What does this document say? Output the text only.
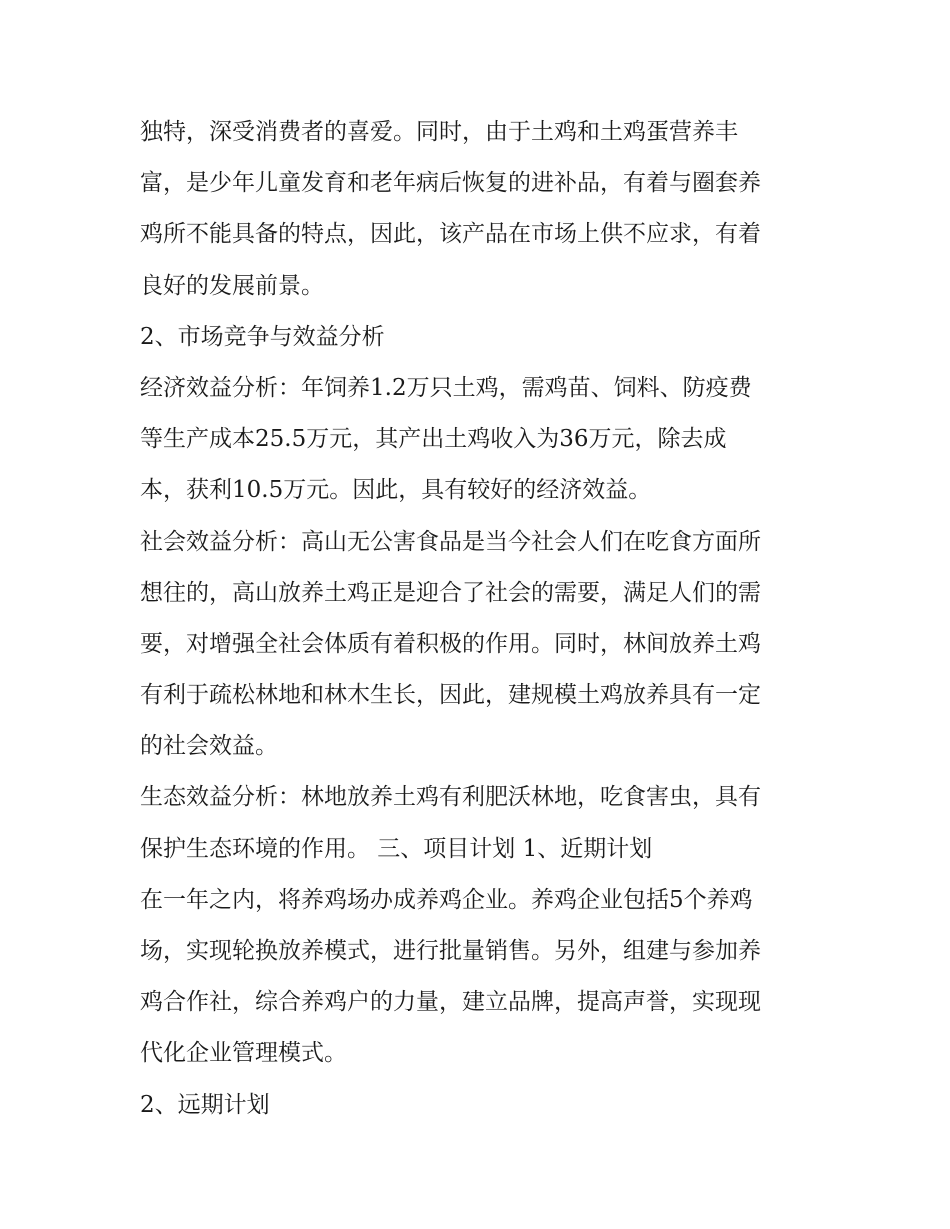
独特，深受消费者的喜爱。同时，由于土鸡和土鸡蛋营养丰
富，是少年儿童发育和老年病后恢复的进补品，有着与圈套养
鸡所不能具备的特点，因此，该产品在市场上供不应求，有着
良好的发展前景。
2、市场竞争与效益分析
经济效益分析：年饲养1.2万只土鸡，需鸡苗、饲料、防疫费
等生产成本25.5万元，其产出土鸡收入为36万元，除去成
本，获利10.5万元。因此，具有较好的经济效益。
社会效益分析：高山无公害食品是当今社会人们在吃食方面所
想往的，高山放养土鸡正是迎合了社会的需要，满足人们的需
要，对增强全社会体质有着积极的作用。同时，林间放养土鸡
有利于疏松林地和林木生长，因此，建规模土鸡放养具有一定
的社会效益。
生态效益分析：林地放养土鸡有利肥沃林地，吃食害虫，具有
保护生态环境的作用。 三、项目计划 1、近期计划
在一年之内，将养鸡场办成养鸡企业。养鸡企业包括5个养鸡
场，实现轮换放养模式，进行批量销售。另外，组建与参加养
鸡合作社，综合养鸡户的力量，建立品牌，提高声誉，实现现
代化企业管理模式。
2、远期计划
